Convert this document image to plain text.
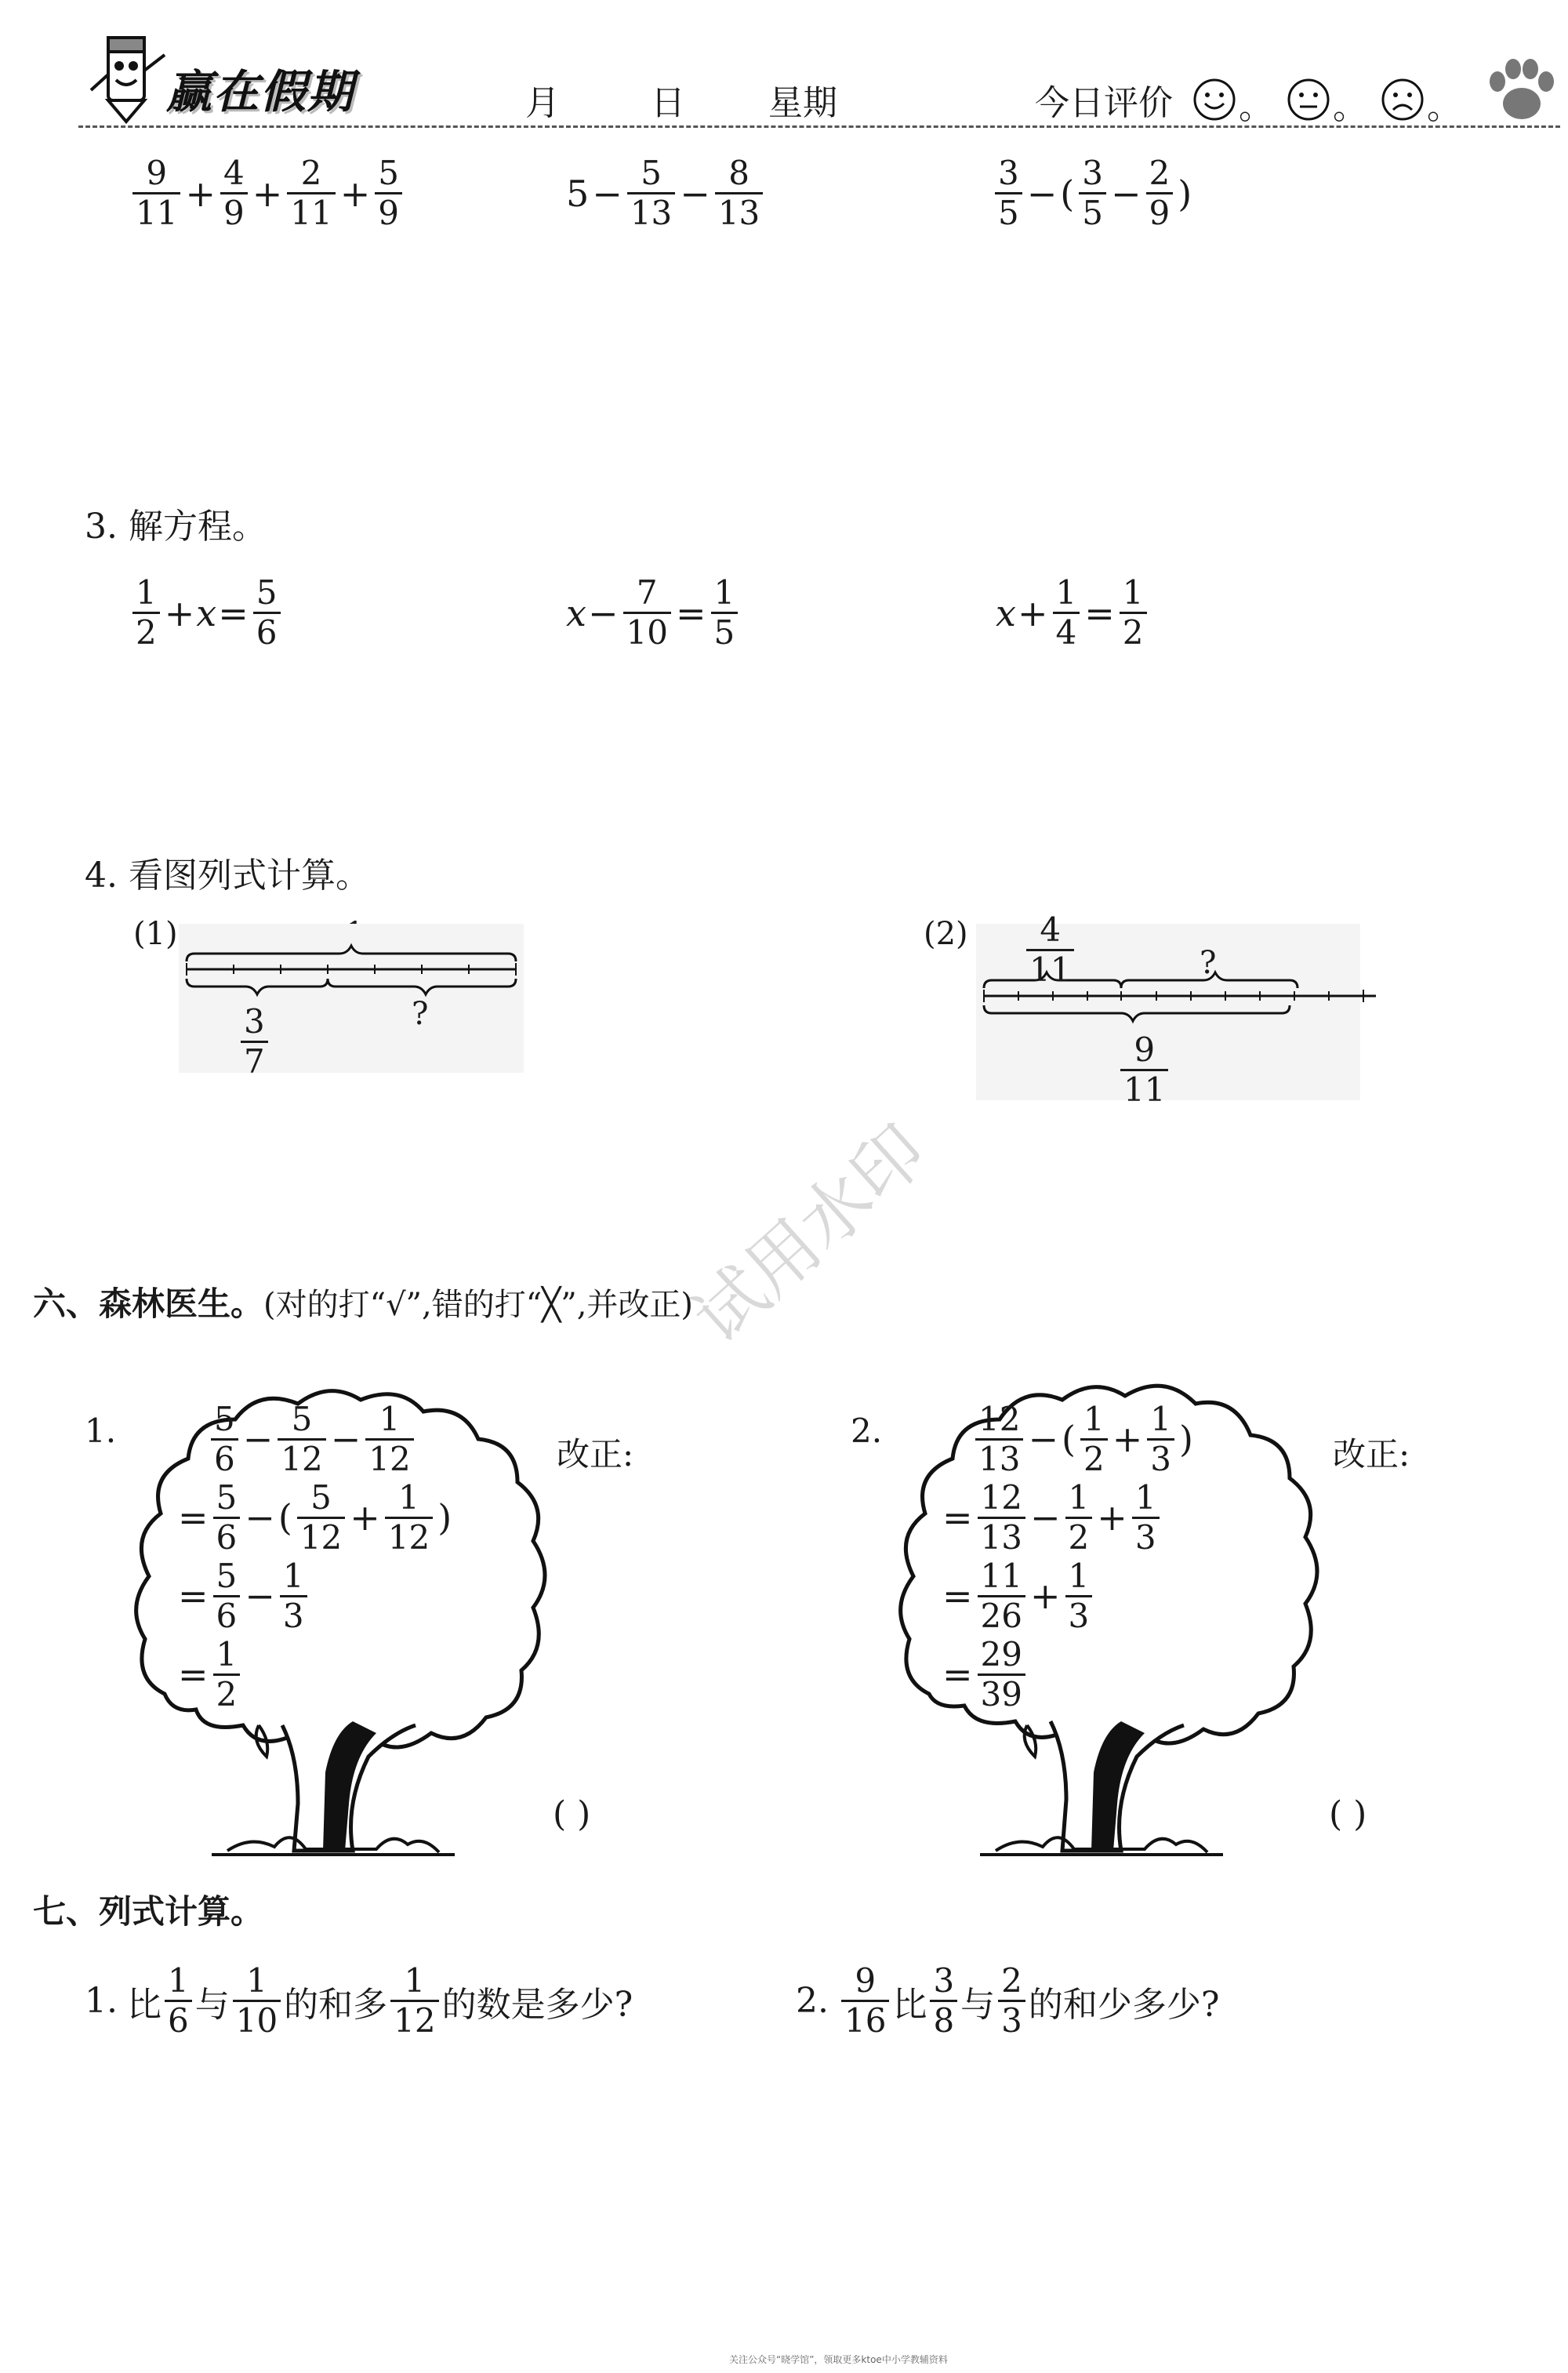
赢在假期	月	日 星期	今日评价 。 。 。
$\frac{9}{11} + \frac{4}{9} + \frac{2}{11} + \frac{5}{9}$	$5 - \frac{5}{13} - \frac{8}{13}$	$\frac{3}{5}$ − ( $\frac{3}{5} - \frac{2}{9}$ )
3. 解方程。
$\frac{1}{2} + x = \frac{5}{6}$	$x - \frac{7}{10} = \frac{1}{5}$	$x + \frac{1}{4} = \frac{1}{2}$
4. 看图列式计算。
(1)
$\frac{3}{7}$	?
$(2) \frac{4}{11}$	?
$\frac{9}{11}$
试用水印
六、森林医生。(对的打“√”,错的打“╳”,并改正)
1.	$\frac{5}{6} - \frac{5}{12} - \frac{1}{12}$
= $\frac{5}{6}$ − ( $\frac{5}{12} + \frac{1}{12}$ )
= $\frac{5}{6} - \frac{1}{3}$
= $\frac{1}{2}$
改正:
( )
2.	$\frac{12}{13}$ − ( $\frac{1}{2} + \frac{1}{3}$ )
= $\frac{12}{13} - \frac{1}{2} + \frac{1}{3}$
= $\frac{11}{26} + \frac{1}{3}$
= $\frac{29}{39}$
改正:
( )
七、列式计算。
1. 比 $\frac{1}{6}$ 与 $\frac{1}{10}$ 的和多 $\frac{1}{12}$ 的数是多少?	2. $\frac{9}{16}$ 比 $\frac{3}{8}$ 与 $\frac{2}{3}$ 的和少多少?
关注公众号“晓学馆”，领取更多ktoe中小学教辅资料
